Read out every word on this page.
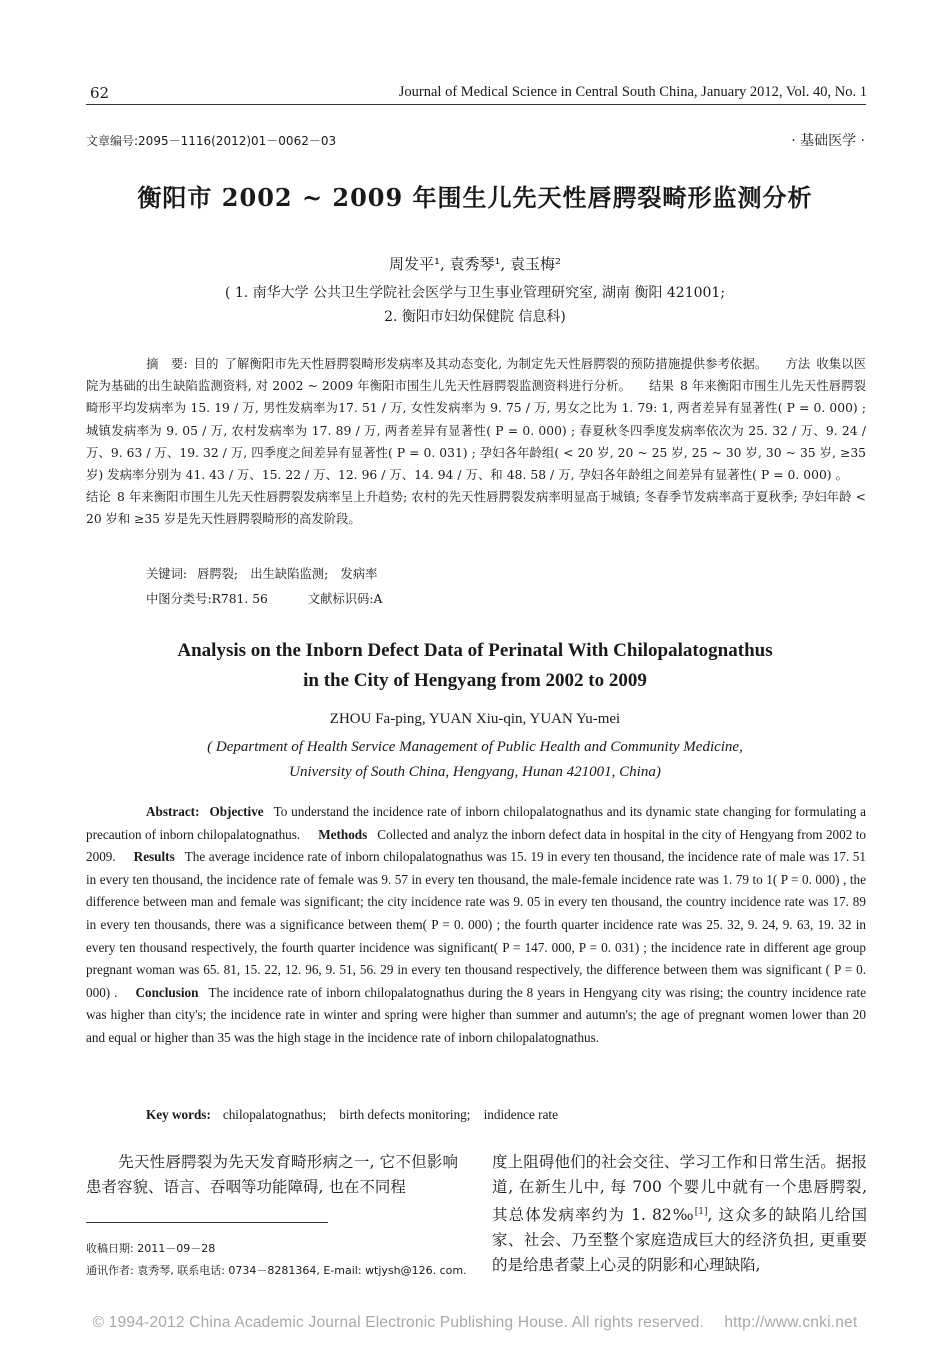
62	Journal of Medical Science in Central South China, January 2012, Vol. 40, No. 1
文章编号:2095－1116(2012)01－0062－03	· 基础医学 ·
衡阳市 2002 ~ 2009 年围生儿先天性唇腭裂畸形监测分析
周发平¹, 袁秀琴¹, 袁玉梅²
( 1. 南华大学 公共卫生学院社会医学与卫生事业管理研究室, 湖南 衡阳 421001;
2. 衡阳市妇幼保健院 信息科)
摘　要: 目的 了解衡阳市先天性唇腭裂畸形发病率及其动态变化, 为制定先天性唇腭裂的预防措施提供参考依据。 方法 收集以医院为基础的出生缺陷监测资料, 对 2002 ~ 2009 年衡阳市围生儿先天性唇腭裂监测资料进行分析。 结果 8 年来衡阳市围生儿先天性唇腭裂畸形平均发病率为 15. 19 / 万, 男性发病率为17. 51 / 万, 女性发病率为 9. 75 / 万, 男女之比为 1. 79: 1, 两者差异有显著性( P = 0. 000) ; 城镇发病率为 9. 05 / 万, 农村发病率为 17. 89 / 万, 两者差异有显著性( P = 0. 000) ; 春夏秋冬四季度发病率依次为 25. 32 / 万、9. 24 / 万、9. 63 / 万、19. 32 / 万, 四季度之间差异有显著性( P = 0. 031) ; 孕妇各年龄组( < 20 岁, 20 ~ 25 岁, 25 ~ 30 岁, 30 ~ 35 岁, ≥35 岁) 发病率分别为 41. 43 / 万、15. 22 / 万、12. 96 / 万、14. 94 / 万、和 48. 58 / 万, 孕妇各年龄组之间差异有显著性( P = 0. 000) 。结论 8 年来衡阳市围生儿先天性唇腭裂发病率呈上升趋势; 农村的先天性唇腭裂发病率明显高于城镇; 冬春季节发病率高于夏秋季; 孕妇年龄 < 20 岁和 ≥35 岁是先天性唇腭裂畸形的高发阶段。
关键词: 唇腭裂;　出生缺陷监测;　发病率
中图分类号:R781. 56	文献标识码:A
Analysis on the Inborn Defect Data of Perinatal With Chilopalatognathus
in the City of Hengyang from 2002 to 2009
ZHOU Fa-ping, YUAN Xiu-qin, YUAN Yu-mei
( Department of Health Service Management of Public Health and Community Medicine,
University of South China, Hengyang, Hunan 421001, China)
Abstract: Objective To understand the incidence rate of inborn chilopalatognathus and its dynamic state changing for formulating a precaution of inborn chilopalatognathus. Methods Collected and analyz the inborn defect data in hospital in the city of Hengyang from 2002 to 2009. Results The average incidence rate of inborn chilopalatognathus was 15. 19 in every ten thousand, the incidence rate of male was 17. 51 in every ten thousand, the incidence rate of female was 9. 57 in every ten thousand, the male-female incidence rate was 1. 79 to 1( P = 0. 000) , the difference between man and female was significant; the city incidence rate was 9. 05 in every ten thousand, the country incidence rate was 17. 89 in every ten thousands, there was a significance between them( P = 0. 000) ; the fourth quarter incidence rate was 25. 32, 9. 24, 9. 63, 19. 32 in every ten thousand respectively, the fourth quarter incidence was significant( P = 147. 000, P = 0. 031) ; the incidence rate in different age group pregnant woman was 65. 81, 15. 22, 12. 96, 9. 51, 56. 29 in every ten thousand respectively, the difference between them was significant ( P = 0. 000) . Conclusion The incidence rate of inborn chilopalatognathus during the 8 years in Hengyang city was rising; the country incidence rate was higher than city's; the incidence rate in winter and spring were higher than summer and autumn's; the age of pregnant women lower than 20 and equal or higher than 35 was the high stage in the incidence rate of inborn chilopalatognathus.
Key words: chilopalatognathus;　birth defects monitoring;　indidence rate
先天性唇腭裂为先天发育畸形病之一, 它不但影响患者容貌、语言、吞咽等功能障碍, 也在不同程
度上阻碍他们的社会交往、学习工作和日常生活。据报道, 在新生儿中, 每 700 个婴儿中就有一个患唇腭裂, 其总体发病率约为 1. 82‰[1], 这众多的缺陷儿给国家、社会、乃至整个家庭造成巨大的经济负担, 更重要的是给患者蒙上心灵的阴影和心理缺陷,
收稿日期: 2011－09－28
通讯作者: 袁秀琴, 联系电话: 0734－8281364, E-mail: wtjysh@126. com.
© 1994-2012 China Academic Journal Electronic Publishing House. All rights reserved.　 http://www.cnki.net
